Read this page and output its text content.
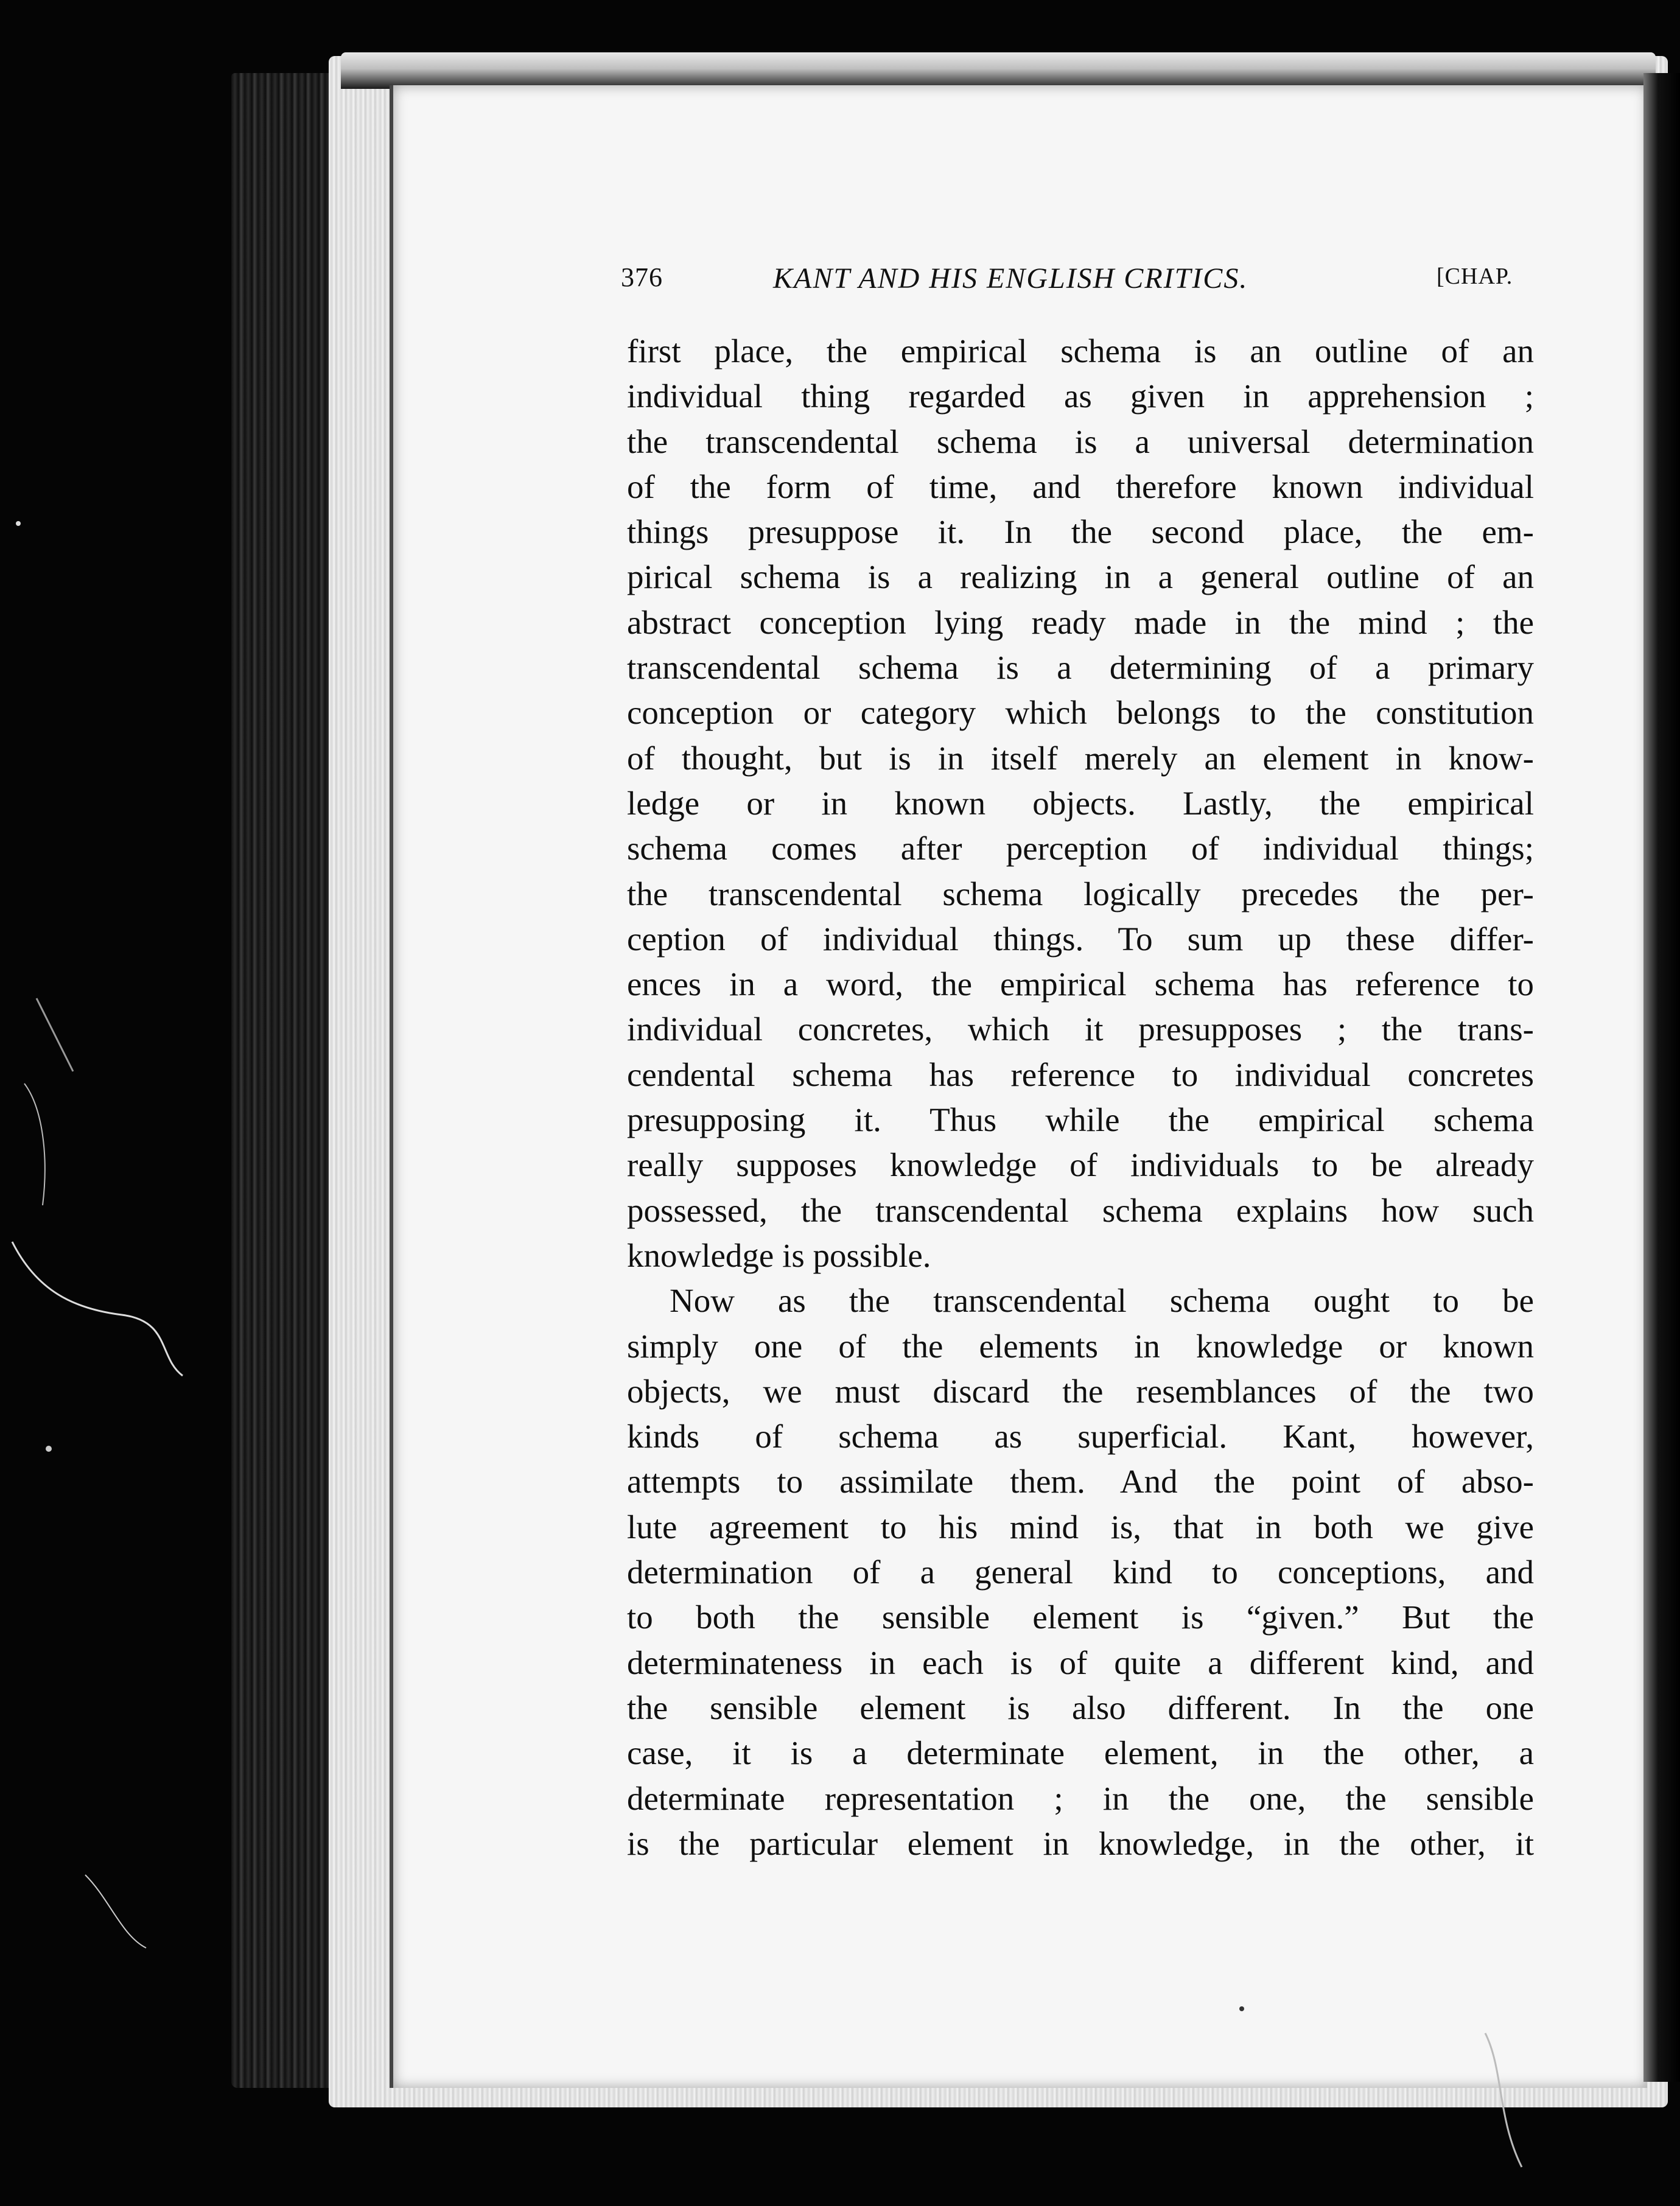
376	KANT AND HIS ENGLISH CRITICS.	[CHAP.
first place, the empirical schema is an outline of an
individual thing regarded as given in apprehension ;
the transcendental schema is a universal determination
of the form of time, and therefore known individual
things presuppose it. In the second place, the em-
pirical schema is a realizing in a general outline of an
abstract conception lying ready made in the mind ; the
transcendental schema is a determining of a primary
conception or category which belongs to the constitution
of thought, but is in itself merely an element in know-
ledge or in known objects. Lastly, the empirical
schema comes after perception of individual things;
the transcendental schema logically precedes the per-
ception of individual things. To sum up these differ-
ences in a word, the empirical schema has reference to
individual concretes, which it presupposes ; the trans-
cendental schema has reference to individual concretes
presupposing it. Thus while the empirical schema
really supposes knowledge of individuals to be already
possessed, the transcendental schema explains how such
knowledge is possible.
Now as the transcendental schema ought to be
simply one of the elements in knowledge or known
objects, we must discard the resemblances of the two
kinds of schema as superficial. Kant, however,
attempts to assimilate them. And the point of abso-
lute agreement to his mind is, that in both we give
determination of a general kind to conceptions, and
to both the sensible element is “given.” But the
determinateness in each is of quite a different kind, and
the sensible element is also different. In the one
case, it is a determinate element, in the other, a
determinate representation ; in the one, the sensible
is the particular element in knowledge, in the other, it
